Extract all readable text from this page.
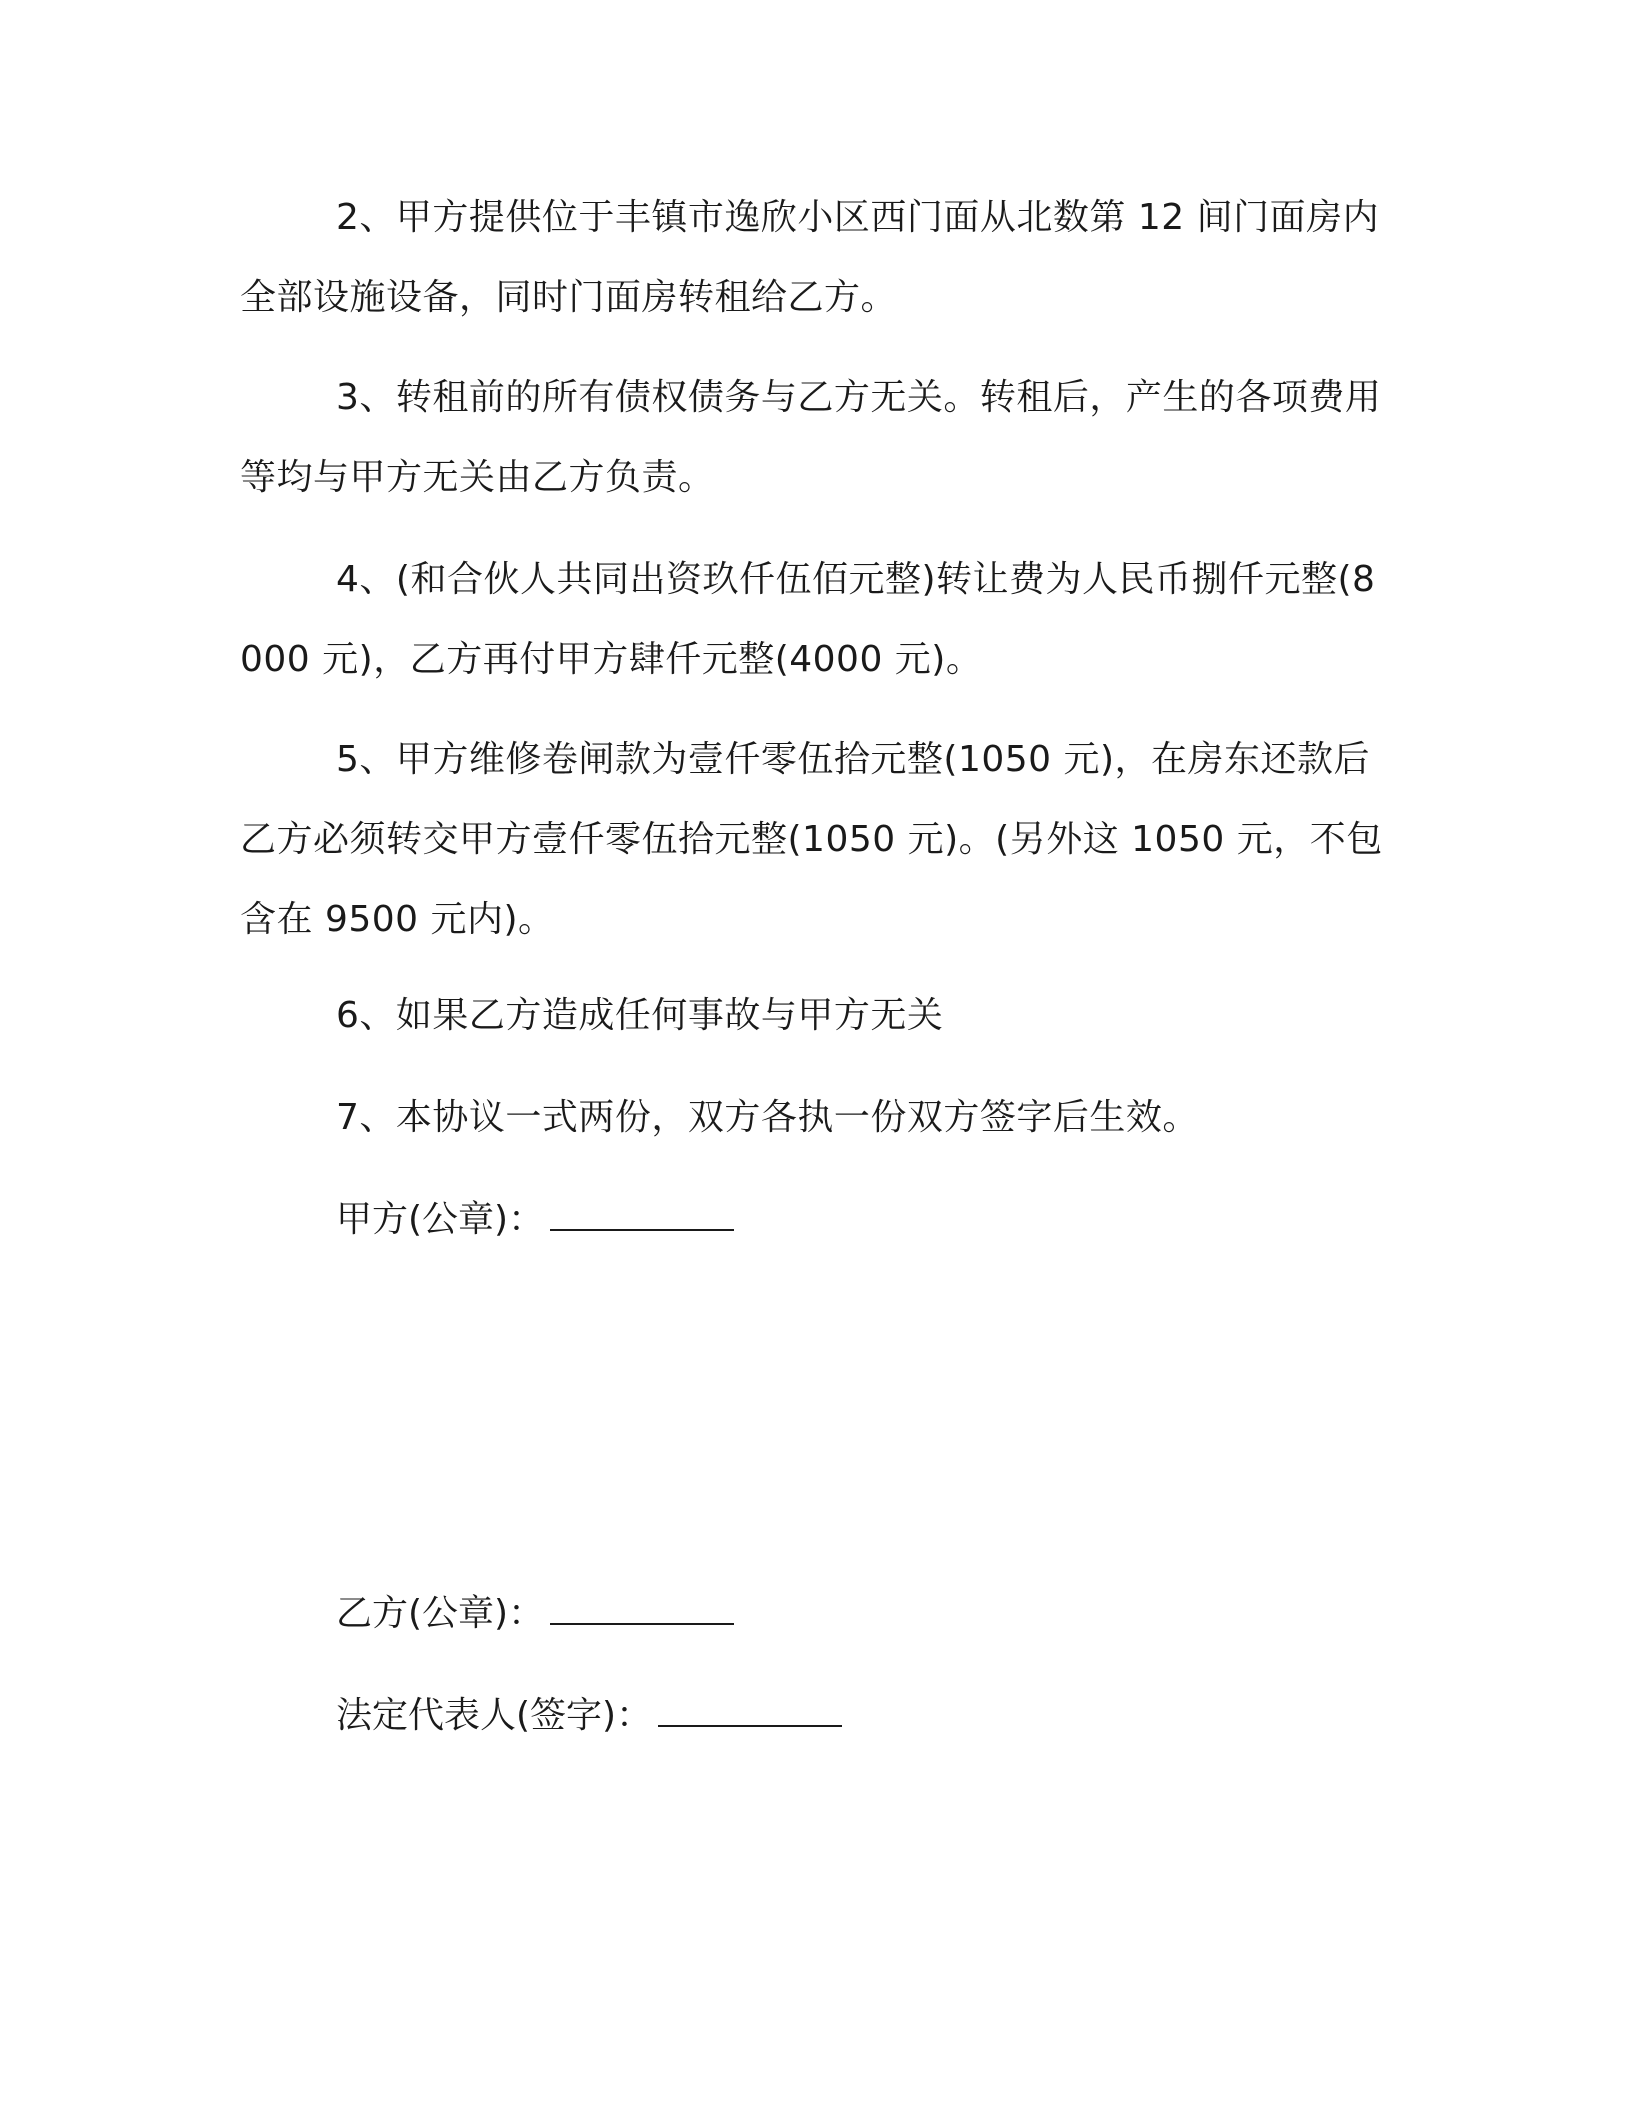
2、甲方提供位于丰镇市逸欣小区西门面从北数第 12 间门面房内全部设施设备，同时门面房转租给乙方。

3、转租前的所有债权债务与乙方无关。转租后，产生的各项费用等均与甲方无关由乙方负责。

4、(和合伙人共同出资玖仟伍佰元整)转让费为人民币捌仟元整(8000 元)，乙方再付甲方肆仟元整(4000 元)。

5、甲方维修卷闸款为壹仟零伍拾元整(1050 元)，在房东还款后乙方必须转交甲方壹仟零伍拾元整(1050 元)。(另外这 1050 元，不包含在 9500 元内)。

6、如果乙方造成任何事故与甲方无关

7、本协议一式两份，双方各执一份双方签字后生效。

甲方(公章)：

乙方(公章)：

法定代表人(签字)：
